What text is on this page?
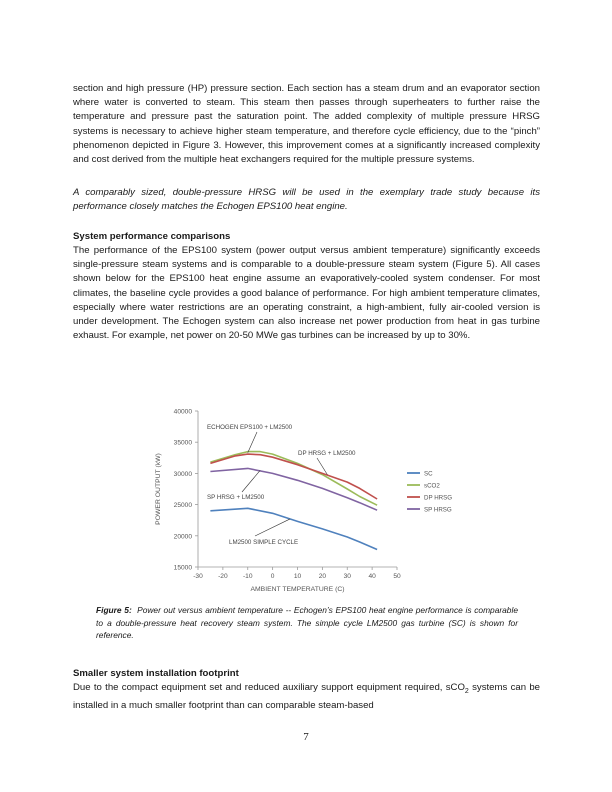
section and high pressure (HP) pressure section. Each section has a steam drum and an evaporator section where water is converted to steam. This steam then passes through superheaters to further raise the temperature and pressure past the saturation point. The added complexity of multiple pressure HRSG systems is necessary to achieve higher steam temperature, and therefore cycle efficiency, due to the “pinch” phenomenon depicted in Figure 3. However, this improvement comes at a significantly increased complexity and cost derived from the multiple heat exchangers required for the multiple pressure systems.

A comparably sized, double-pressure HRSG will be used in the exemplary trade study because its performance closely matches the Echogen EPS100 heat engine.

System performance comparisons

The performance of the EPS100 system (power output versus ambient temperature) significantly exceeds single-pressure steam systems and is comparable to a double-pressure steam system (Figure 5). All cases shown below for the EPS100 heat engine assume an evaporatively-cooled system condenser. For most climates, the baseline cycle provides a good balance of performance. For high ambient temperature climates, especially where water restrictions are an operating constraint, a high-ambient, fully air-cooled version is under development. The Echogen system can also increase net power production from heat in gas turbine exhaust. For example, net power on 20-50 MWe gas turbines can be increased by up to 30%.

15000
20000
25000
30000
35000
40000
-30 -20 -10	0	10	20	30	40	50
AMBIENT TEMPERATURE (C)
POWER OUTPUT (kW)	SC
sCO2
DP HRSG
SP HRSG
ECHOGEN EPS100 + LM2500
DP HRSG + LM2500
SP HRSG + LM2500
LM2500 SIMPLE CYCLE

Figure 5: Power out versus ambient temperature -- Echogen’s EPS100 heat engine performance is comparable to a double-pressure heat recovery steam system. The simple cycle LM2500 gas turbine (SC) is shown for reference.

Smaller system installation footprint

Due to the compact equipment set and reduced auxiliary support equipment required, sCO$_2$ systems can be installed in a much smaller footprint than can comparable steam-based

7
